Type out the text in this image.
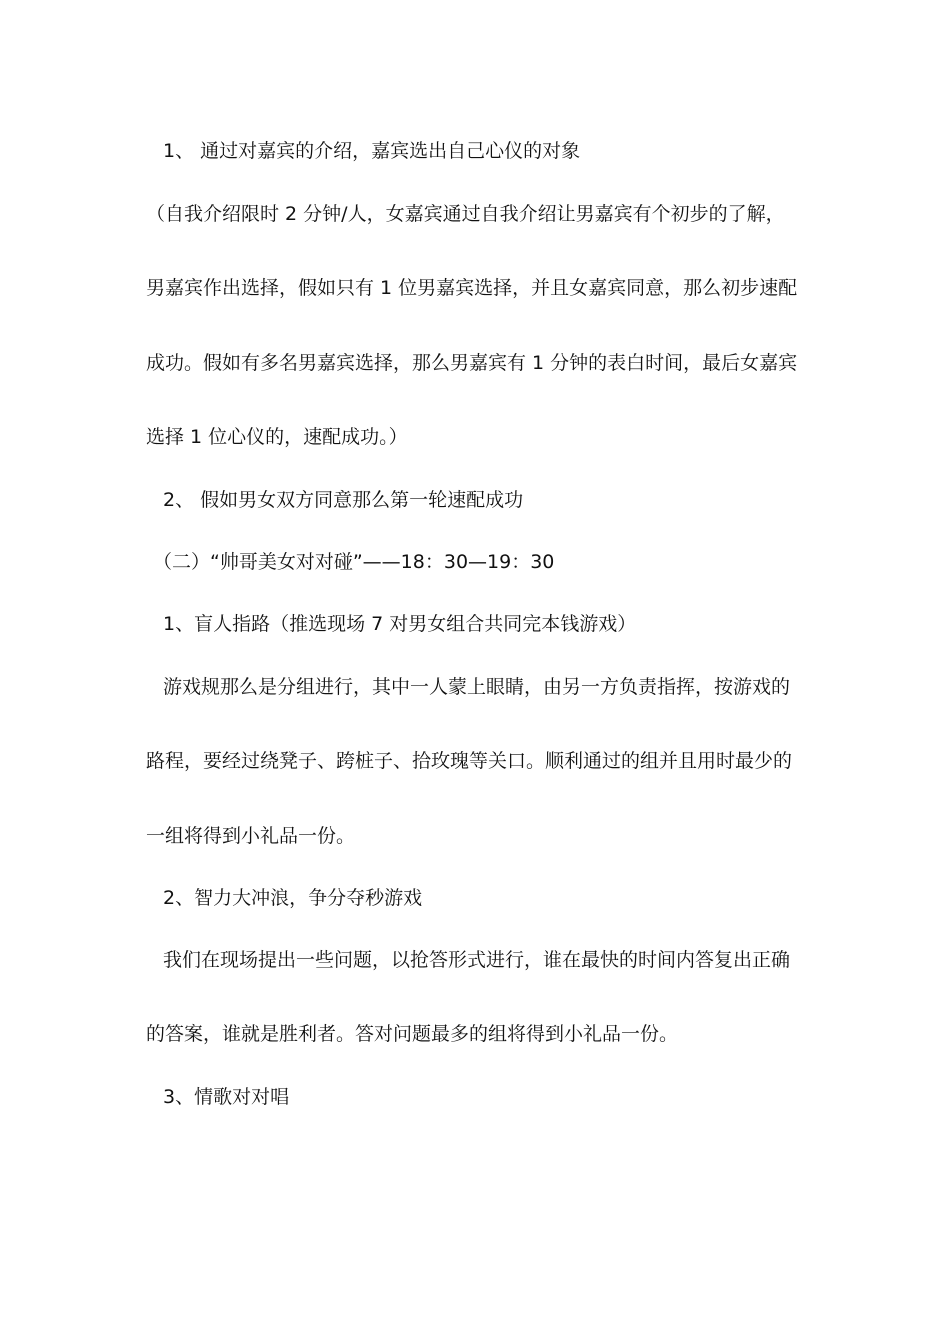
1、 通过对嘉宾的介绍，嘉宾选出自己心仪的对象
（自我介绍限时 2 分钟/人，女嘉宾通过自我介绍让男嘉宾有个初步的了解，
男嘉宾作出选择，假如只有 1 位男嘉宾选择，并且女嘉宾同意，那么初步速配
成功。假如有多名男嘉宾选择，那么男嘉宾有 1 分钟的表白时间，最后女嘉宾
选择 1 位心仪的，速配成功。）
2、 假如男女双方同意那么第一轮速配成功
（二）“帅哥美女对对碰”——18：30—19：30
1、盲人指路（推选现场 7 对男女组合共同完本钱游戏）
游戏规那么是分组进行，其中一人蒙上眼睛，由另一方负责指挥，按游戏的
路程，要经过绕凳子、跨桩子、拾玫瑰等关口。顺利通过的组并且用时最少的
一组将得到小礼品一份。
2、智力大冲浪，争分夺秒游戏
我们在现场提出一些问题，以抢答形式进行，谁在最快的时间内答复出正确
的答案，谁就是胜利者。答对问题最多的组将得到小礼品一份。
3、情歌对对唱
